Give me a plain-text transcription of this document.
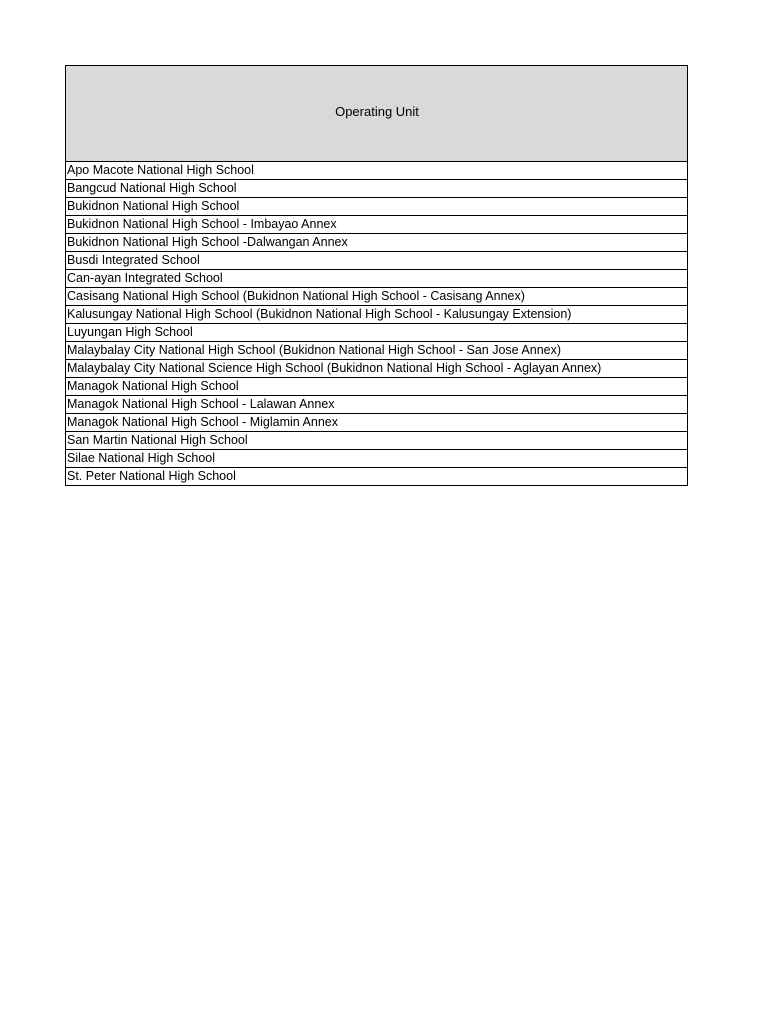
Operating Unit
Apo Macote National High School
Bangcud National High School
Bukidnon National High School
Bukidnon National High School - Imbayao Annex
Bukidnon National High School -Dalwangan Annex
Busdi Integrated School
Can-ayan Integrated School
Casisang National High School (Bukidnon National High School - Casisang Annex)
Kalusungay National High School (Bukidnon National High School - Kalusungay Extension)
Luyungan High School
Malaybalay City National High School (Bukidnon National High School - San Jose Annex)
Malaybalay City National Science High School (Bukidnon National High School - Aglayan Annex)
Managok National High School
Managok National High School - Lalawan Annex
Managok National High School - Miglamin Annex
San Martin National High School
Silae National High School
St. Peter National High School
